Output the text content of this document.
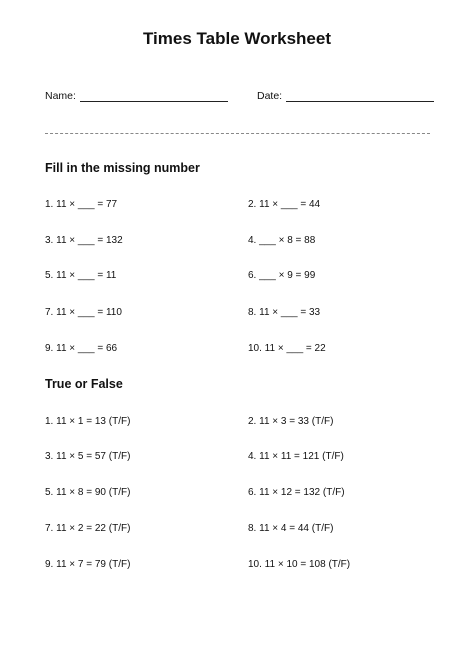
Times Table Worksheet
Name:	Date:
Fill in the missing number
1. 11 × ___ = 77	2. 11 × ___ = 44
3. 11 × ___ = 132	4. ___ × 8 = 88
5. 11 × ___ = 11	6. ___ × 9 = 99
7. 11 × ___ = 110	8. 11 × ___ = 33
9. 11 × ___ = 66	10. 11 × ___ = 22
True or False
1. 11 × 1 = 13 (T/F)	2. 11 × 3 = 33 (T/F)
3. 11 × 5 = 57 (T/F)	4. 11 × 11 = 121 (T/F)
5. 11 × 8 = 90 (T/F)	6. 11 × 12 = 132 (T/F)
7. 11 × 2 = 22 (T/F)	8. 11 × 4 = 44 (T/F)
9. 11 × 7 = 79 (T/F)	10. 11 × 10 = 108 (T/F)
